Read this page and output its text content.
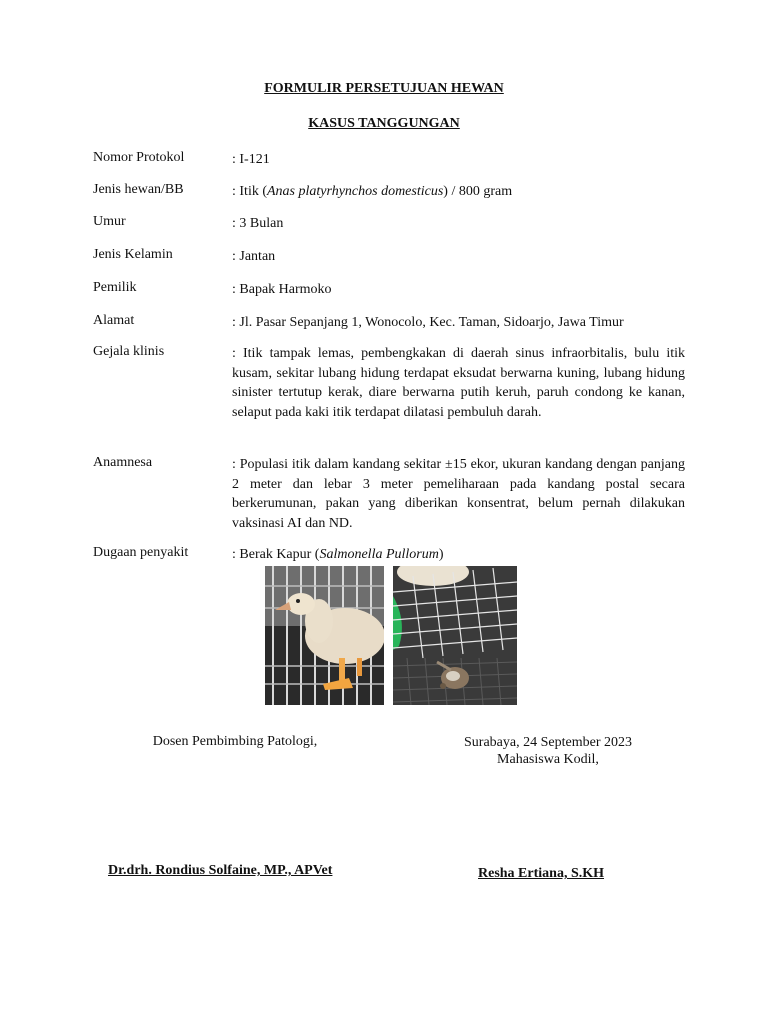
FORMULIR PERSETUJUAN HEWAN
KASUS TANGGUNGAN
Nomor Protokol	: I-121
Jenis hewan/BB	: Itik (Anas platyrhynchos domesticus) / 800 gram
Umur	: 3 Bulan
Jenis Kelamin	: Jantan
Pemilik	: Bapak Harmoko
Alamat	: Jl. Pasar Sepanjang 1, Wonocolo, Kec. Taman, Sidoarjo, Jawa Timur
Gejala klinis	: Itik tampak lemas, pembengkakan di daerah sinus infraorbitalis, bulu itik kusam, sekitar lubang hidung terdapat eksudat berwarna kuning, lubang hidung sinister tertutup kerak, diare berwarna putih keruh, paruh condong ke kanan, selaput pada kaki itik terdapat dilatasi pembuluh darah.
Anamnesa	: Populasi itik dalam kandang sekitar ±15 ekor, ukuran kandang dengan panjang 2 meter dan lebar 3 meter pemeliharaan pada kandang postal secara berkerumunan, pakan yang diberikan konsentrat, belum pernah dilakukan vaksinasi AI dan ND.
Dugaan penyakit	: Berak Kapur (Salmonella Pullorum)
Dosen Pembimbing Patologi,	Surabaya, 24 September 2023
Mahasiswa Kodil,
Dr.drh. Rondius Solfaine, MP., APVet	Resha Ertiana, S.KH
